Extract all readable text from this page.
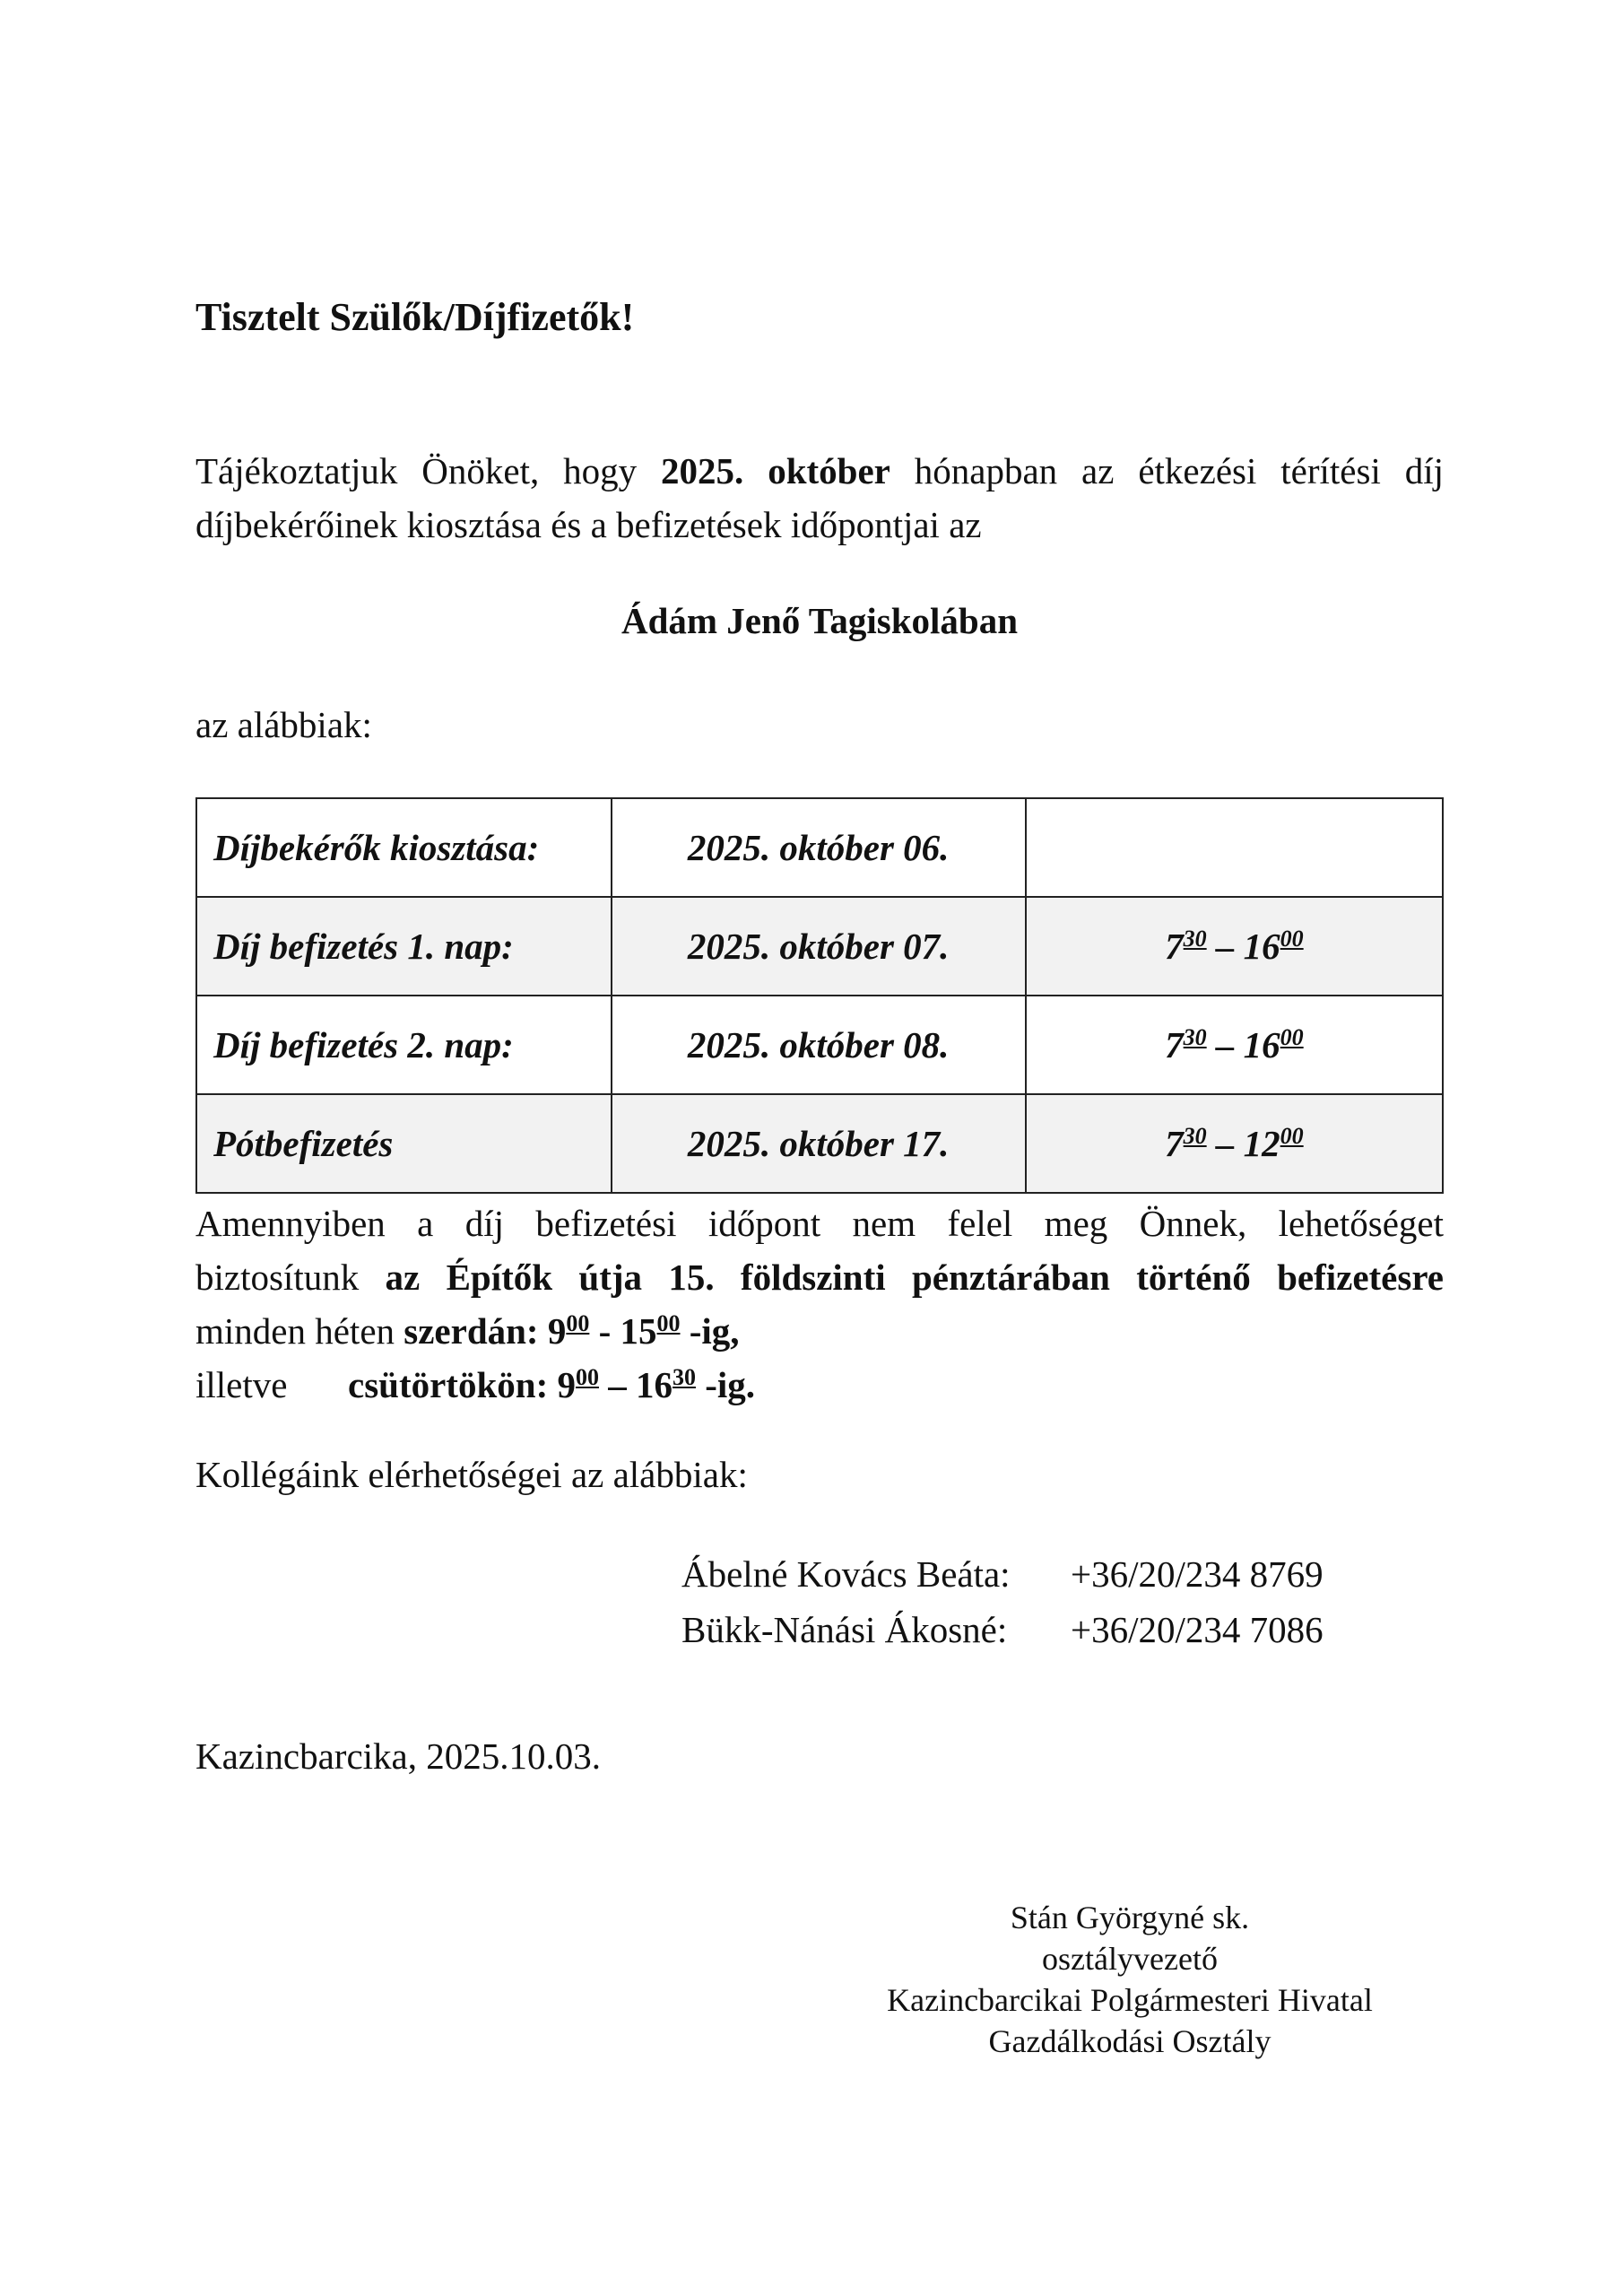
Tisztelt Szülők/Díjfizetők!
Tájékoztatjuk Önöket, hogy 2025. október hónapban az étkezési térítési díj
díjbekérőinek kiosztása és a befizetések időpontjai az
Ádám Jenő Tagiskolában
az alábbiak:
Díjbekérők kiosztása:	2025. október 06.	
Díj befizetés 1. nap:	2025. október 07.	$7^{30} - 16^{00}$
Díj befizetés 2. nap:	2025. október 08.	$7^{30} - 16^{00}$
Pótbefizetés	2025. október 17.	$7^{30} - 12^{00}$
Amennyiben a díj befizetési időpont nem felel meg Önnek, lehetőséget
biztosítunk az Építők útja 15. földszinti pénztárában történő befizetésre
minden héten szerdán: $9^{00} - 15^{00}$ -ig,
illetve csütörtökön: $9^{00} - 16^{30}$ -ig.
Kollégáink elérhetőségei az alábbiak:
Ábelné Kovács Beáta:	+36/20/234 8769
Bükk-Nánási Ákosné:	+36/20/234 7086
Kazincbarcika, 2025.10.03.
Stán Györgyné sk.
osztályvezető
Kazincbarcikai Polgármesteri Hivatal
Gazdálkodási Osztály
